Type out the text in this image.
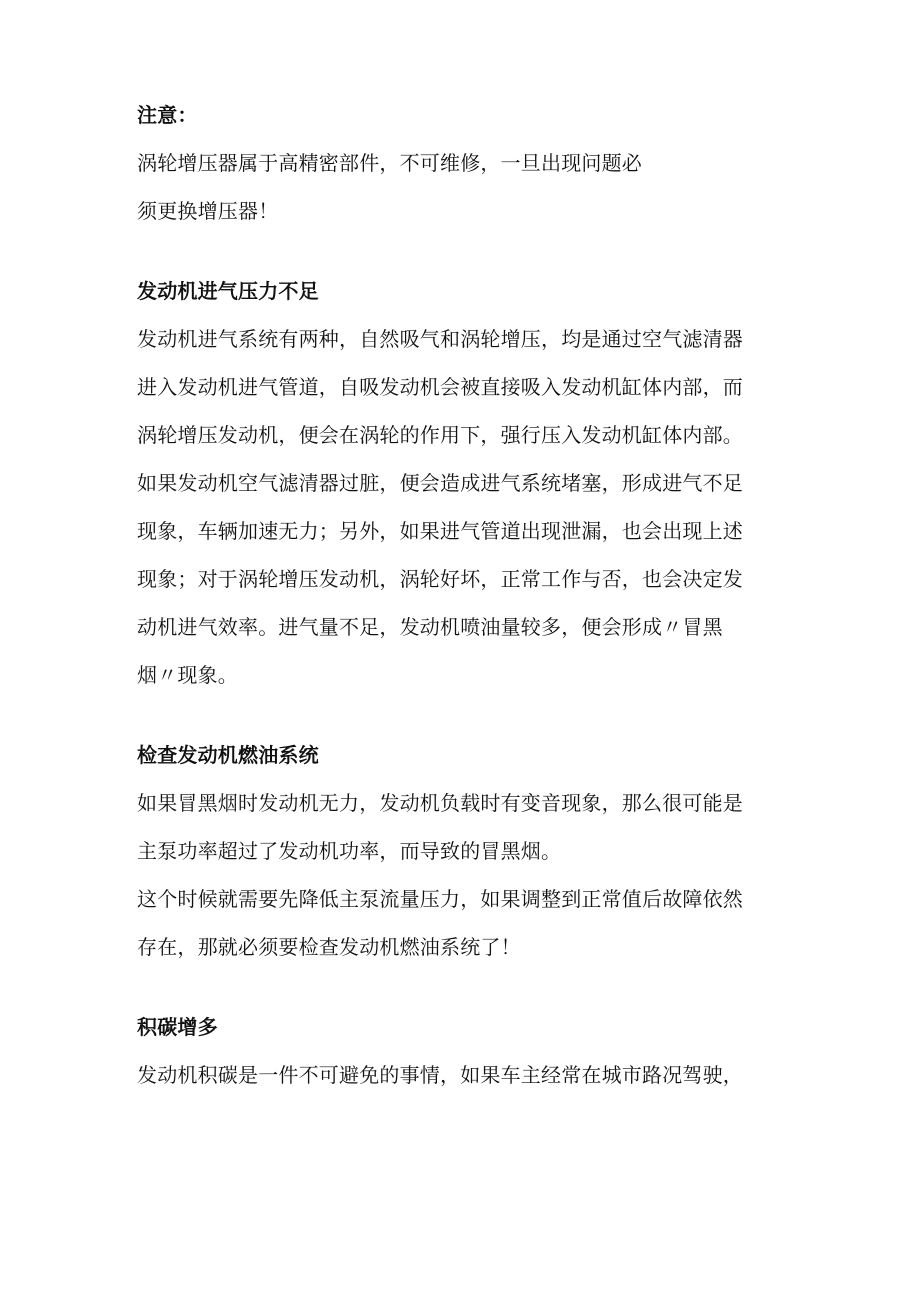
注意：
涡轮增压器属于高精密部件，不可维修，一旦出现问题必
须更换增压器！
发动机进气压力不足
发动机进气系统有两种，自然吸气和涡轮增压，均是通过空气滤清器
进入发动机进气管道，自吸发动机会被直接吸入发动机缸体内部，而
涡轮增压发动机，便会在涡轮的作用下，强行压入发动机缸体内部。
如果发动机空气滤清器过脏，便会造成进气系统堵塞，形成进气不足
现象，车辆加速无力；另外，如果进气管道出现泄漏，也会出现上述
现象；对于涡轮增压发动机，涡轮好坏，正常工作与否，也会决定发
动机进气效率。进气量不足，发动机喷油量较多，便会形成〃冒黑
烟〃现象。
检查发动机燃油系统
如果冒黑烟时发动机无力，发动机负载时有变音现象，那么很可能是
主泵功率超过了发动机功率，而导致的冒黑烟。
这个时候就需要先降低主泵流量压力，如果调整到正常值后故障依然
存在，那就必须要检查发动机燃油系统了！
积碳增多
发动机积碳是一件不可避免的事情，如果车主经常在城市路况驾驶，
